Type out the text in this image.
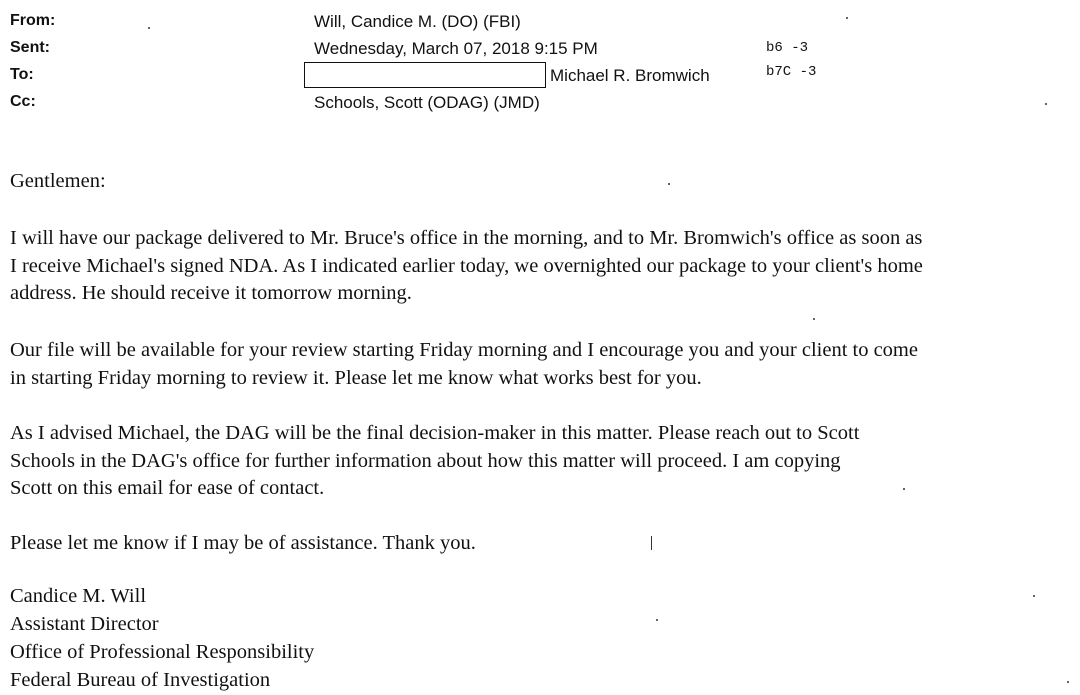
From:	Will, Candice M. (DO) (FBI)
Sent:	Wednesday, March 07, 2018 9:15 PM
To:	Michael R. Bromwich
Cc:	Schools, Scott (ODAG) (JMD)
b6 -3
b7C -3
Gentlemen:
I will have our package delivered to Mr. Bruce's office in the morning, and to Mr. Bromwich's office as soon as
I receive Michael's signed NDA. As I indicated earlier today, we overnighted our package to your client's home
address. He should receive it tomorrow morning.
Our file will be available for your review starting Friday morning and I encourage you and your client to come
in starting Friday morning to review it. Please let me know what works best for you.
As I advised Michael, the DAG will be the final decision-maker in this matter. Please reach out to Scott
Schools in the DAG's office for further information about how this matter will proceed. I am copying
Scott on this email for ease of contact.
Please let me know if I may be of assistance. Thank you.
Candice M. Will
Assistant Director
Office of Professional Responsibility
Federal Bureau of Investigation
